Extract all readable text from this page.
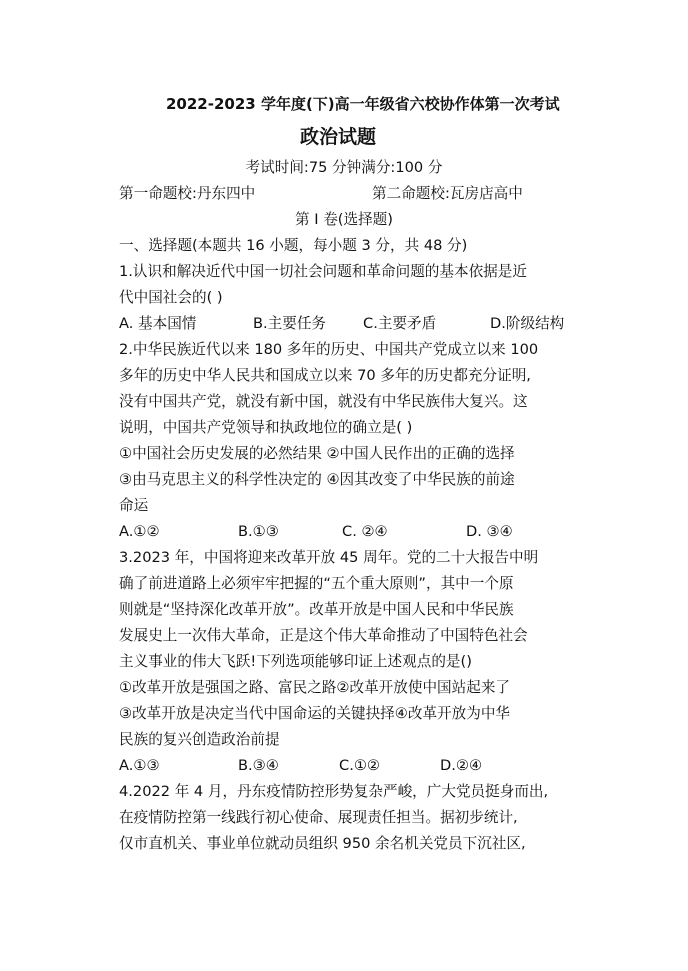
2022-2023 学年度(下)高一年级省六校协作体第一次考试
政治试题
考试时间:75 分钟满分:100 分
第一命题校:丹东四中	第二命题校:瓦房店高中
第 I 卷(选择题)
一、选择题(本题共 16 小题，每小题 3 分，共 48 分)
1.认识和解决近代中国一切社会问题和革命问题的基本依据是近
代中国社会的( )
A. 基本国情	B.主要任务	C.主要矛盾	D.阶级结构
2.中华民族近代以来 180 多年的历史、中国共产党成立以来 100
多年的历史中华人民共和国成立以来 70 多年的历史都充分证明,
没有中国共产党，就没有新中国，就没有中华民族伟大复兴。这
说明，中国共产党领导和执政地位的确立是( )
①中国社会历史发展的必然结果 ②中国人民作出的正确的选择
③由马克思主义的科学性决定的 ④因其改变了中华民族的前途
命运
A.①②	B.①③	C. ②④	D. ③④
3.2023 年，中国将迎来改革开放 45 周年。党的二十大报告中明
确了前进道路上必须牢牢把握的“五个重大原则”，其中一个原
则就是“坚持深化改革开放”。改革开放是中国人民和中华民族
发展史上一次伟大革命，正是这个伟大革命推动了中国特色社会
主义事业的伟大飞跃!下列选项能够印证上述观点的是()
①改革开放是强国之路、富民之路②改革开放使中国站起来了
③改革开放是决定当代中国命运的关键抉择④改革开放为中华
民族的复兴创造政治前提
A.①③	B.③④	C.①②	D.②④
4.2022 年 4 月，丹东疫情防控形势复杂严峻，广大党员挺身而出,
在疫情防控第一线践行初心使命、展现责任担当。据初步统计,
仅市直机关、事业单位就动员组织 950 余名机关党员下沉社区,
